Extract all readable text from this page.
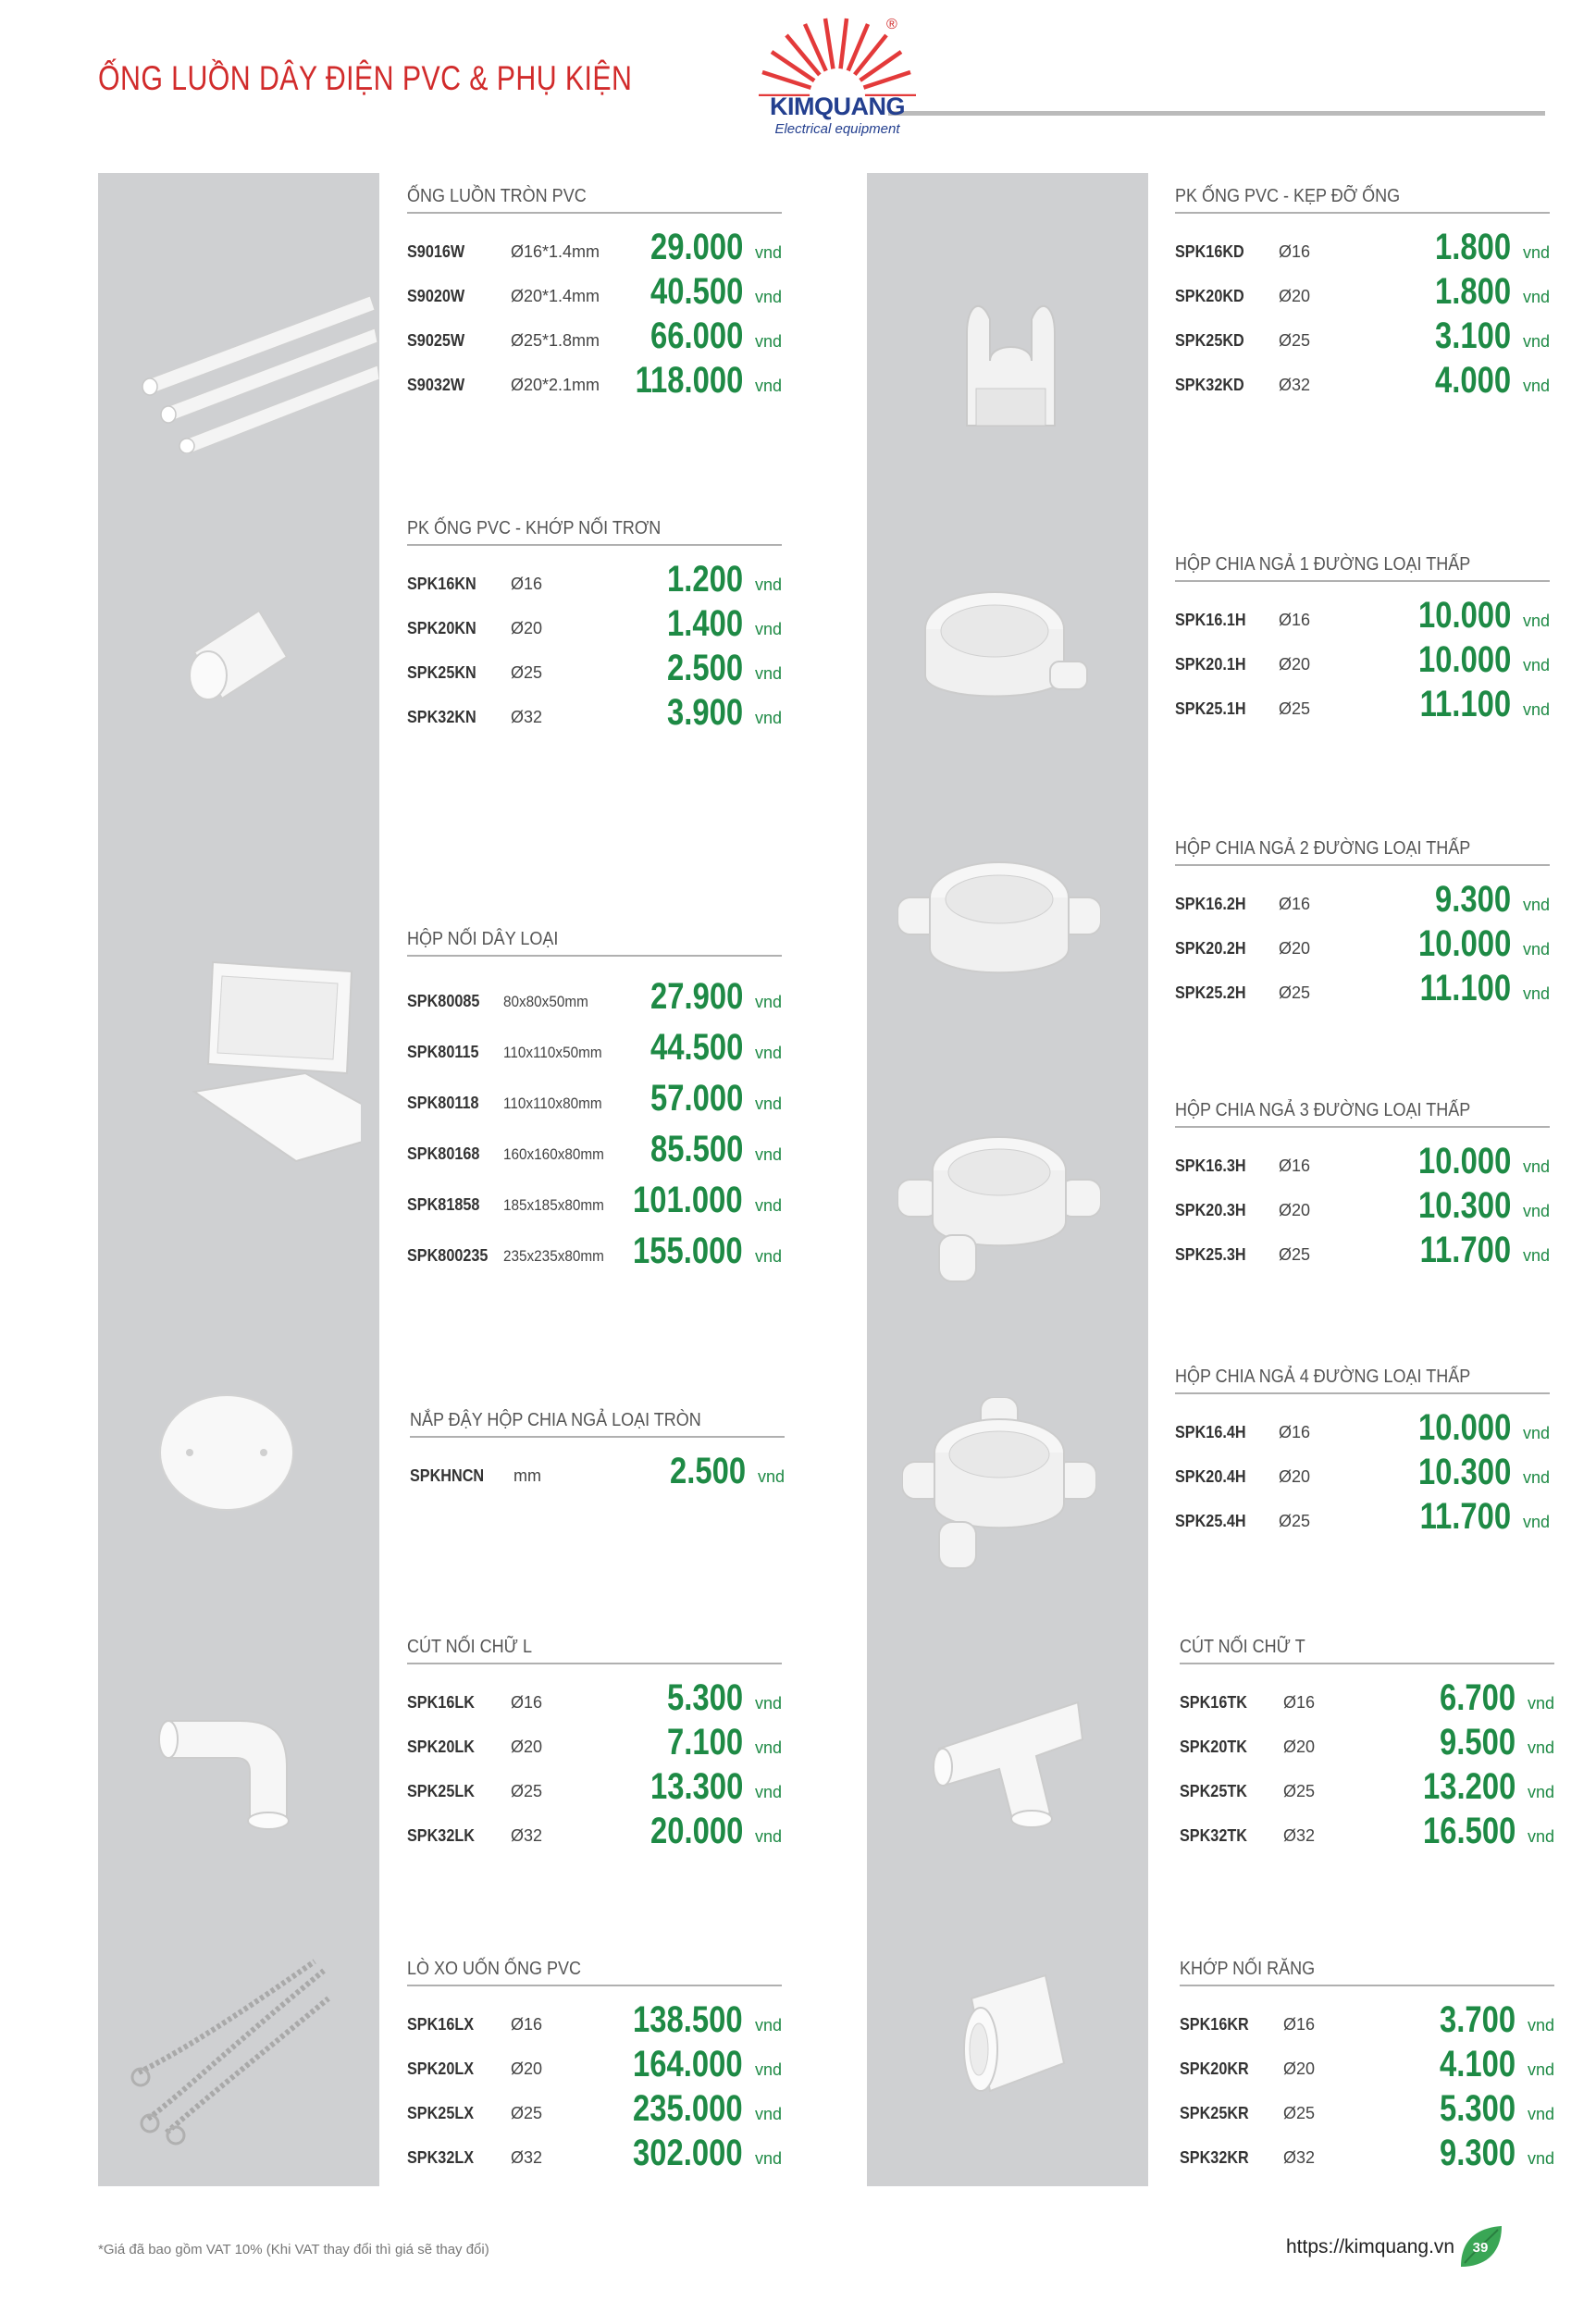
ỐNG LUỒN DÂY ĐIỆN PVC & PHỤ KIỆN
®
KIMQUANG
Electrical equipment
ỐNG LUỒN TRÒN PVC
S9016W	Ø16*1.4mm 29.000 vnd
S9020W	Ø20*1.4mm 40.500 vnd
S9025W	Ø25*1.8mm 66.000 vnd
S9032W	Ø20*2.1mm 118.000 vnd
PK ỐNG PVC - KẸP ĐỠ ỐNG
SPK16KD Ø16	1.800 vnd
SPK20KD Ø20	1.800 vnd
SPK25KD Ø25	3.100 vnd
SPK32KD Ø32	4.000 vnd
PK ỐNG PVC - KHỚP NỐI TRƠN
SPK16KN Ø16	1.200 vnd
SPK20KN Ø20	1.400 vnd
SPK25KN Ø25	2.500 vnd
SPK32KN Ø32	3.900 vnd
HỘP CHIA NGẢ 1 ĐƯỜNG LOẠI THẤP
SPK16.1H Ø16	10.000 vnd
SPK20.1H Ø20	10.000 vnd
SPK25.1H Ø25	11.100 vnd
HỘP CHIA NGẢ 2 ĐƯỜNG LOẠI THẤP
SPK16.2H Ø16	9.300 vnd
SPK20.2H Ø20	10.000 vnd
SPK25.2H Ø25	11.100 vnd
HỘP NỐI DÂY LOẠI
SPK80085 80x80x50mm 27.900 vnd
SPK80115 110x110x50mm 44.500 vnd
SPK80118 110x110x80mm 57.000 vnd
SPK80168 160x160x80mm 85.500 vnd
SPK81858 185x185x80mm 101.000 vnd
SPK800235 235x235x80mm 155.000 vnd
HỘP CHIA NGẢ 3 ĐƯỜNG LOẠI THẤP
SPK16.3H Ø16	10.000 vnd
SPK20.3H Ø20	10.300 vnd
SPK25.3H Ø25	11.700 vnd
NẮP ĐẬY HỘP CHIA NGẢ LOẠI TRÒN
SPKHNCN mm	2.500 vnd
HỘP CHIA NGẢ 4 ĐƯỜNG LOẠI THẤP
SPK16.4H Ø16	10.000 vnd
SPK20.4H Ø20	10.300 vnd
SPK25.4H Ø25	11.700 vnd
CÚT NỐI CHỮ L
SPK16LK Ø16	5.300 vnd
SPK20LK Ø20	7.100 vnd
SPK25LK Ø25	13.300 vnd
SPK32LK Ø32	20.000 vnd
CÚT NỐI CHỮ T
SPK16TK Ø16	6.700 vnd
SPK20TK Ø20	9.500 vnd
SPK25TK Ø25	13.200 vnd
SPK32TK Ø32	16.500 vnd
LÒ XO UỐN ỐNG PVC
SPK16LX Ø16 138.500 vnd
SPK20LX Ø20 164.000 vnd
SPK25LX Ø25 235.000 vnd
SPK32LX Ø32 302.000 vnd
KHỚP NỐI RĂNG
SPK16KR Ø16	3.700 vnd
SPK20KR Ø20	4.100 vnd
SPK25KR Ø25	5.300 vnd
SPK32KR Ø32	9.300 vnd
*Giá đã bao gồm VAT 10% (Khi VAT thay đổi thì giá sẽ thay đổi)	https://kimquang.vn	39
